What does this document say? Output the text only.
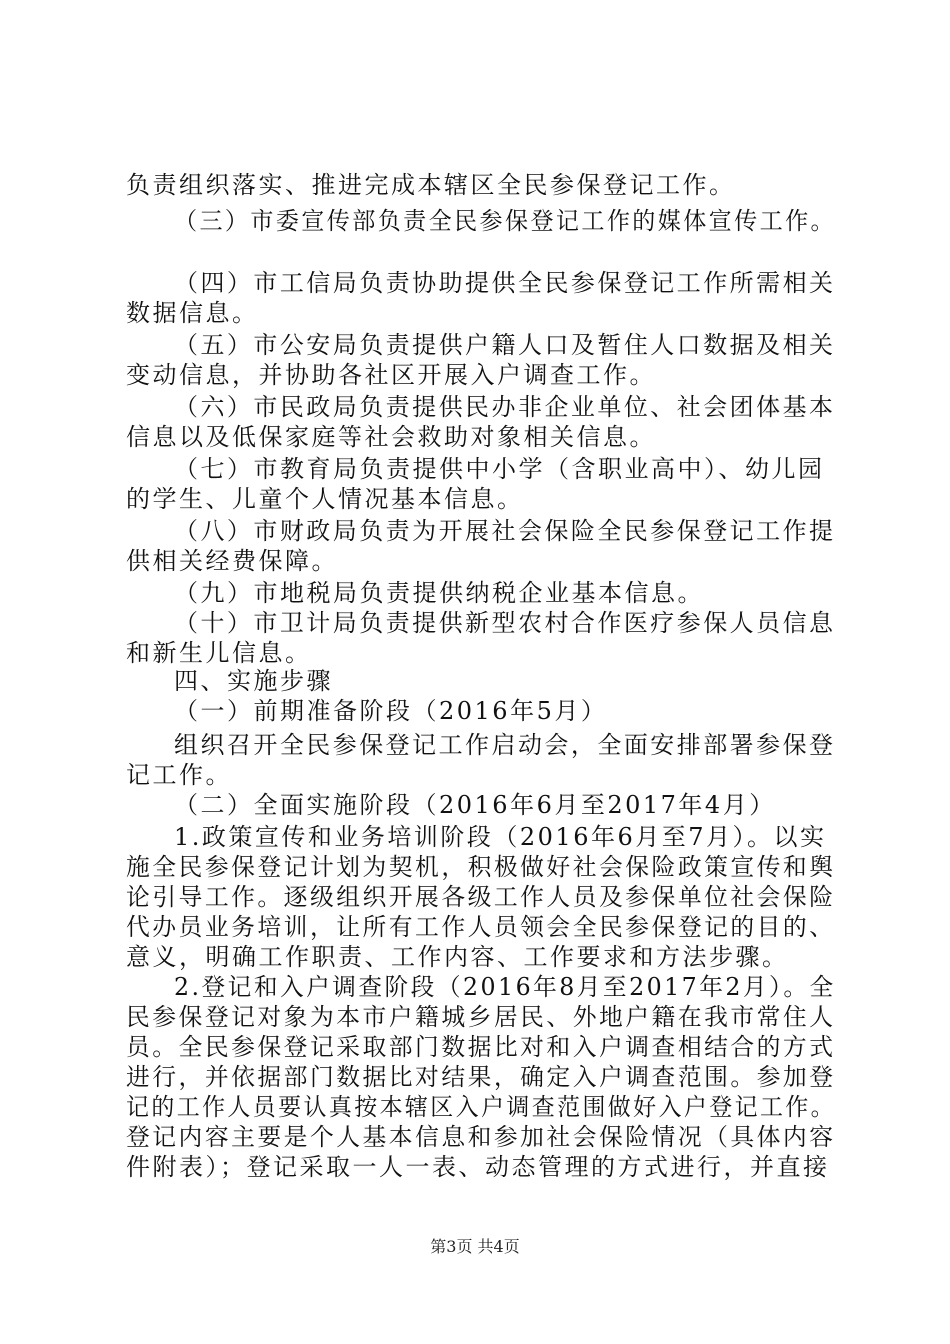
负责组织落实、推进完成本辖区全民参保登记工作。
（三）市委宣传部负责全民参保登记工作的媒体宣传工作。
（四）市工信局负责协助提供全民参保登记工作所需相关
数据信息。
（五）市公安局负责提供户籍人口及暂住人口数据及相关
变动信息，并协助各社区开展入户调查工作。
（六）市民政局负责提供民办非企业单位、社会团体基本
信息以及低保家庭等社会救助对象相关信息。
（七）市教育局负责提供中小学（含职业高中）、幼儿园
的学生、儿童个人情况基本信息。
（八）市财政局负责为开展社会保险全民参保登记工作提
供相关经费保障。
（九）市地税局负责提供纳税企业基本信息。
（十）市卫计局负责提供新型农村合作医疗参保人员信息
和新生儿信息。
四、实施步骤
（一）前期准备阶段（2016年5月）
组织召开全民参保登记工作启动会，全面安排部署参保登
记工作。
（二）全面实施阶段（2016年6月至2017年4月）
1.政策宣传和业务培训阶段（2016年6月至7月）。以实
施全民参保登记计划为契机，积极做好社会保险政策宣传和舆
论引导工作。逐级组织开展各级工作人员及参保单位社会保险
代办员业务培训，让所有工作人员领会全民参保登记的目的、
意义，明确工作职责、工作内容、工作要求和方法步骤。
2.登记和入户调查阶段（2016年8月至2017年2月）。全
民参保登记对象为本市户籍城乡居民、外地户籍在我市常住人
员。全民参保登记采取部门数据比对和入户调查相结合的方式
进行，并依据部门数据比对结果，确定入户调查范围。参加登
记的工作人员要认真按本辖区入户调查范围做好入户登记工作。
登记内容主要是个人基本信息和参加社会保险情况（具体内容
件附表）；登记采取一人一表、动态管理的方式进行，并直接
第3页 共4页
